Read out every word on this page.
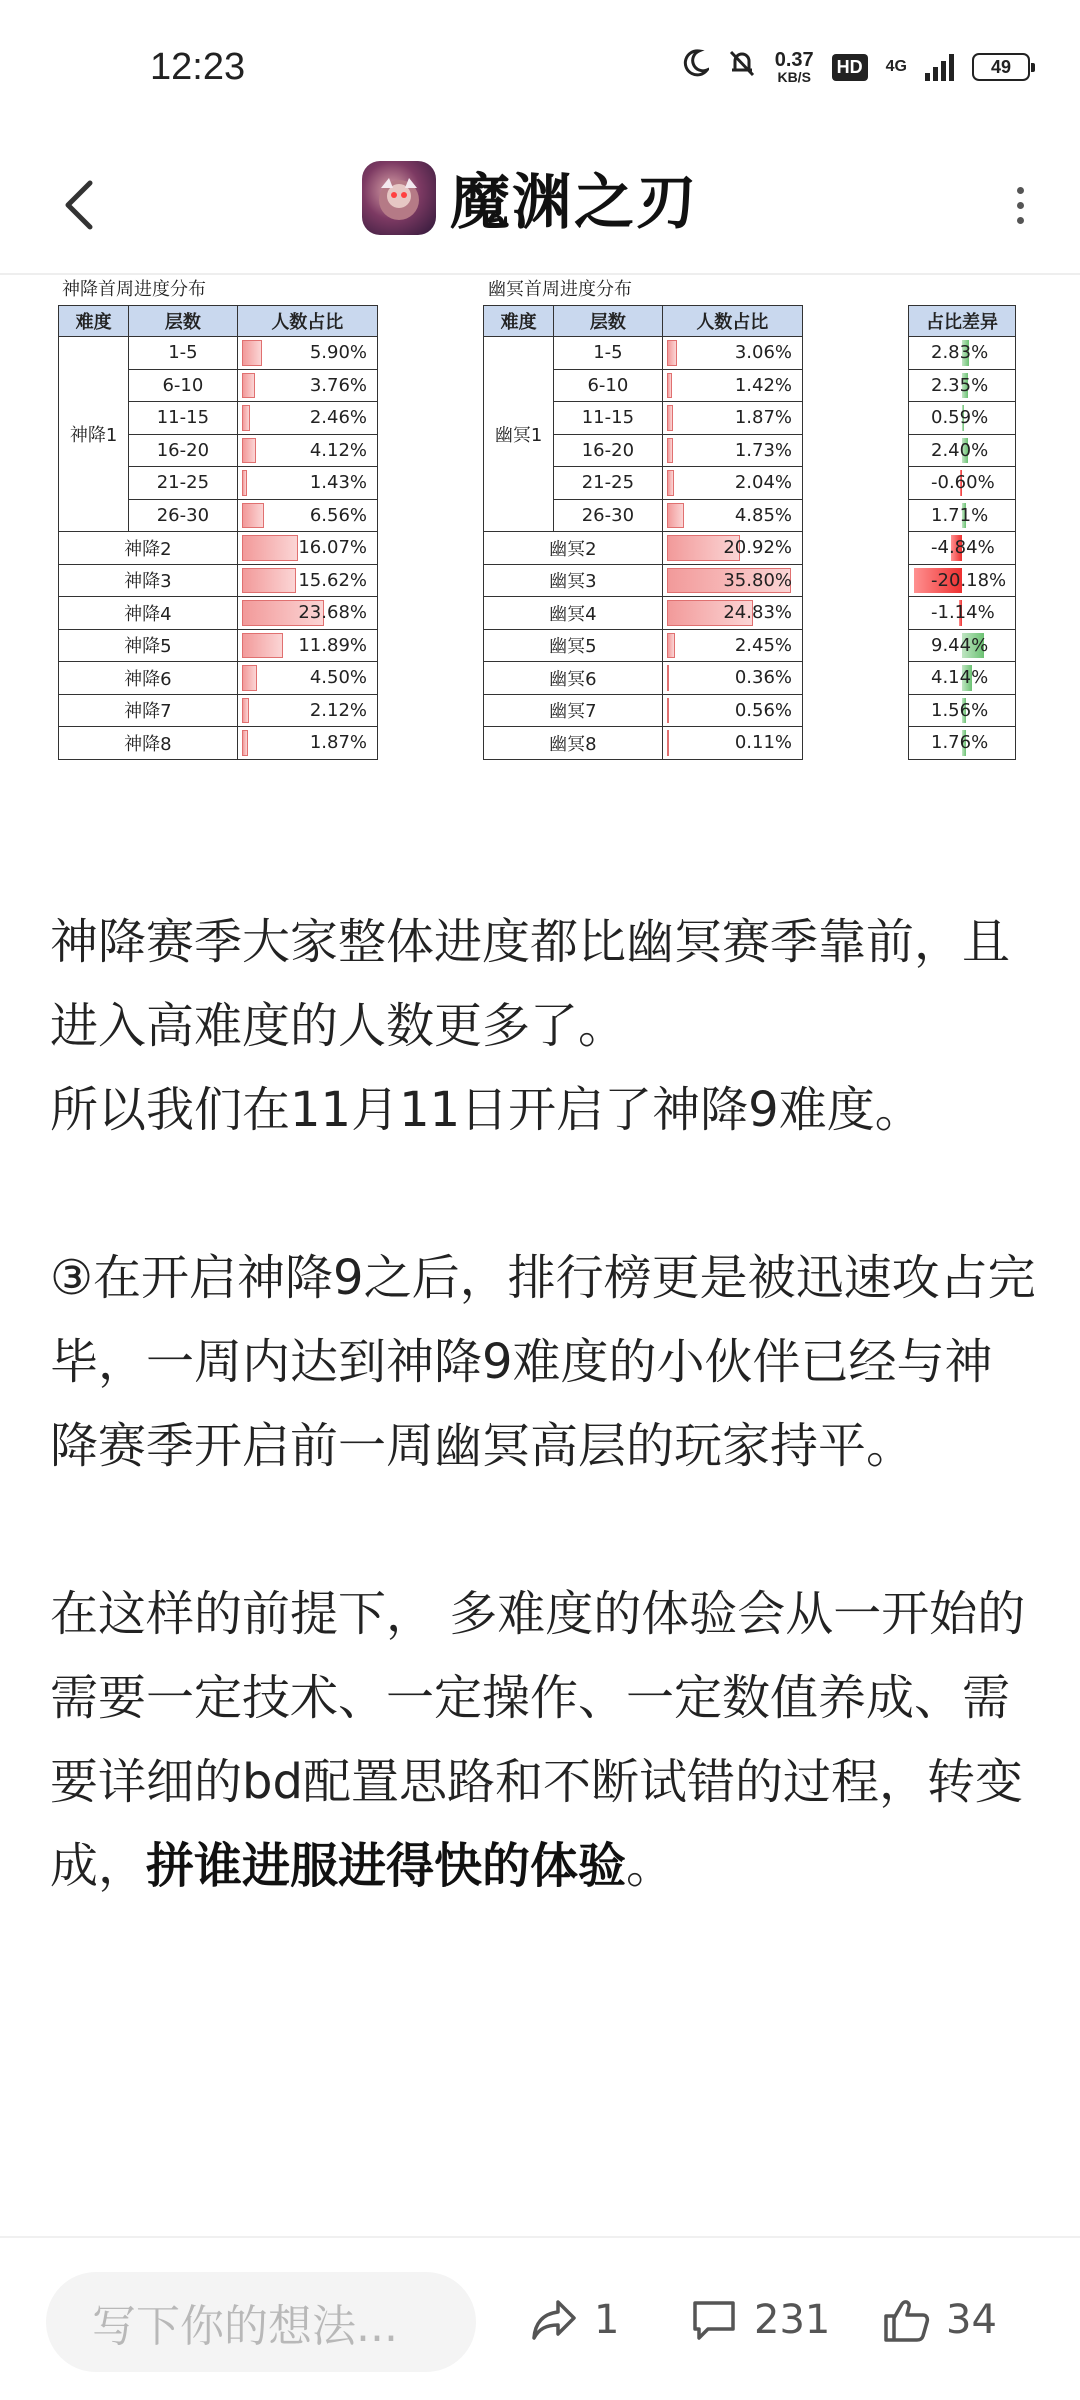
12:23	0.37
KB/S
HD	4G	49
魔渊之刃
神降首周进度分布
难度	层数	人数占比
神降1	1-5	5.90%

	6-10	3.76%

	11-15	2.46%

	16-20	4.12%

	21-25	1.43%

	26-30	6.56%

神降2		16.07%

神降3		15.62%

神降4		23.68%

神降5		11.89%

神降6		4.50%

神降7		2.12%

神降8		1.87%
幽冥首周进度分布
难度	层数	人数占比
幽冥1	1-5	3.06%

	6-10	1.42%

	11-15	1.87%

	16-20	1.73%

	21-25	2.04%

	26-30	4.85%

幽冥2		20.92%

幽冥3		35.80%

幽冥4		24.83%

幽冥5		2.45%

幽冥6		0.36%

幽冥7		0.56%

幽冥8		0.11%
占比差异

2.83%

2.35%

0.59%

2.40%

-0.60%

1.71%

-4.84%

-20.18%

-1.14%

9.44%

4.14%

1.56%

1.76%

神降赛季大家整体进度都比幽冥赛季靠前，且进入高难度的人数更多了。

所以我们在11月11日开启了神降9难度。

③在开启神降9之后，排行榜更是被迅速攻占完毕，一周内达到神降9难度的小伙伴已经与神降赛季开启前一周幽冥高层的玩家持平。

在这样的前提下， 多难度的体验会从一开始的需要一定技术、一定操作、一定数值养成、需要详细的bd配置思路和不断试错的过程，转变成，拼谁进服进得快的体验。

写下你的想法...	1	231	34
